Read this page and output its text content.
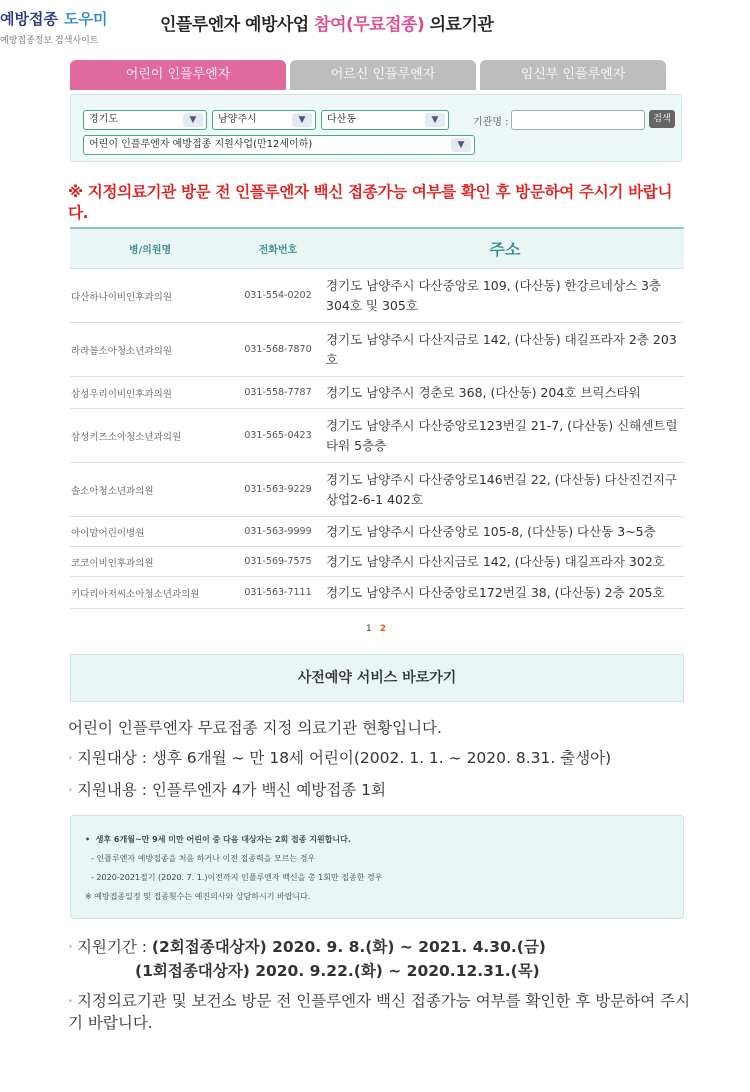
예방접종 도우미
예방접종정보 검색사이트
인플루엔자 예방사업 참여(무료접종) 의료기관
어린이 인플루엔자	어르신 인플루엔자	임신부 인플루엔자
경기도	▼	남양주시	▼	다산동	▼	기관명 :	검색
어린이 인플루엔자 예방접종 지원사업(만12세이하)	▼
※ 지정의료기관 방문 전 인플루엔자 백신 접종가능 여부를 확인 후 방문하여 주시기 바랍니다.
병/의원명	전화번호	주소
다산하나이비인후과의원	031-554-0202	경기도 남양주시 다산중앙로 109, (다산동) 한강르네상스 3층 304호 및 305호
라라봄소아청소년과의원	031-568-7870	경기도 남양주시 다산지금로 142, (다산동) 대길프라자 2층 203호
삼성우리이비인후과의원	031-558-7787	경기도 남양주시 경춘로 368, (다산동) 204호 브릭스타워
삼성키즈소아청소년과의원	031-565-0423	경기도 남양주시 다산중앙로123번길 21-7, (다산동) 신해센트럴타워 5층층
솔소아청소년과의원	031-563-9229	경기도 남양주시 다산중앙로146번길 22, (다산동) 다산진건지구 상업2-6-1 402호
아이맘어린이병원	031-563-9999	경기도 남양주시 다산중앙로 105-8, (다산동) 다산동 3~5층
코코이비인후과의원	031-569-7575	경기도 남양주시 다산지금로 142, (다산동) 대길프라자 302호
키다리아저씨소아청소년과의원	031-563-7111	경기도 남양주시 다산중앙로172번길 38, (다산동) 2층 205호
1 2
사전예약 서비스 바로가기
어린이 인플루엔자 무료접종 지정 의료기관 현황입니다.
· 지원대상 : 생후 6개월 ~ 만 18세 어린이(2002. 1. 1. ~ 2020. 8.31. 출생아)
· 지원내용 : 인플루엔자 4가 백신 예방접종 1회
•  생후 6개월~만 9세 미만 어린이 중 다음 대상자는 2회 접종 지원합니다.
- 인플루엔자 예방접종을 처음 하거나 이전 접종력을 모르는 경우
- 2020-2021절기 (2020. 7. 1.)이전까지 인플루엔자 백신을 총 1회만 접종한 경우
※ 예방접종일정 및 접종횟수는 예진의사와 상담하시기 바랍니다.
· 지원기간 : (2회접종대상자) 2020. 9. 8.(화) ~ 2021. 4.30.(금)
(1회접종대상자) 2020. 9.22.(화) ~ 2020.12.31.(목)
· 지정의료기관 및 보건소 방문 전 인플루엔자 백신 접종가능 여부를 확인한 후 방문하여 주시기 바랍니다.
